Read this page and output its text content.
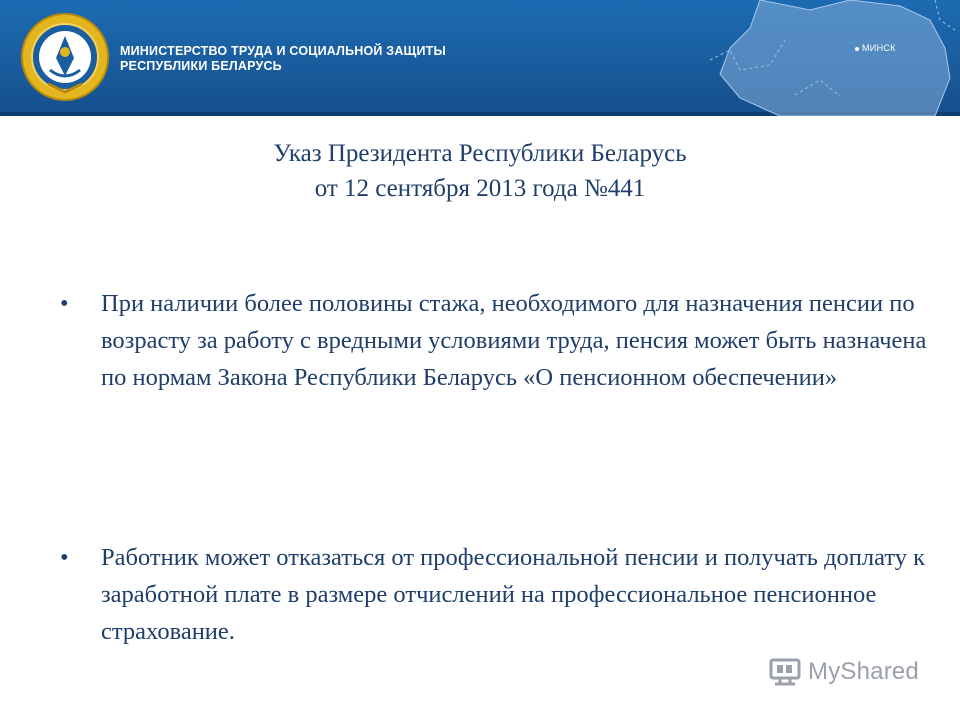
МИНИСТЕРСТВО ТРУДА И СОЦИАЛЬНОЙ ЗАЩИТЫ
РЕСПУБЛИКИ БЕЛАРУСЬ
МИНСК
Указ Президента Республики Беларусь
от 12 сентября 2013 года №441
•	При наличии более половины стажа, необходимого для назначения пенсии по возрасту за работу с вредными условиями труда, пенсия может быть назначена по нормам Закона Республики Беларусь «О пенсионном обеспечении»
•	Работник может отказаться от профессиональной пенсии и получать доплату к заработной плате в размере отчислений на профессиональное пенсионное страхование.
MyShared
